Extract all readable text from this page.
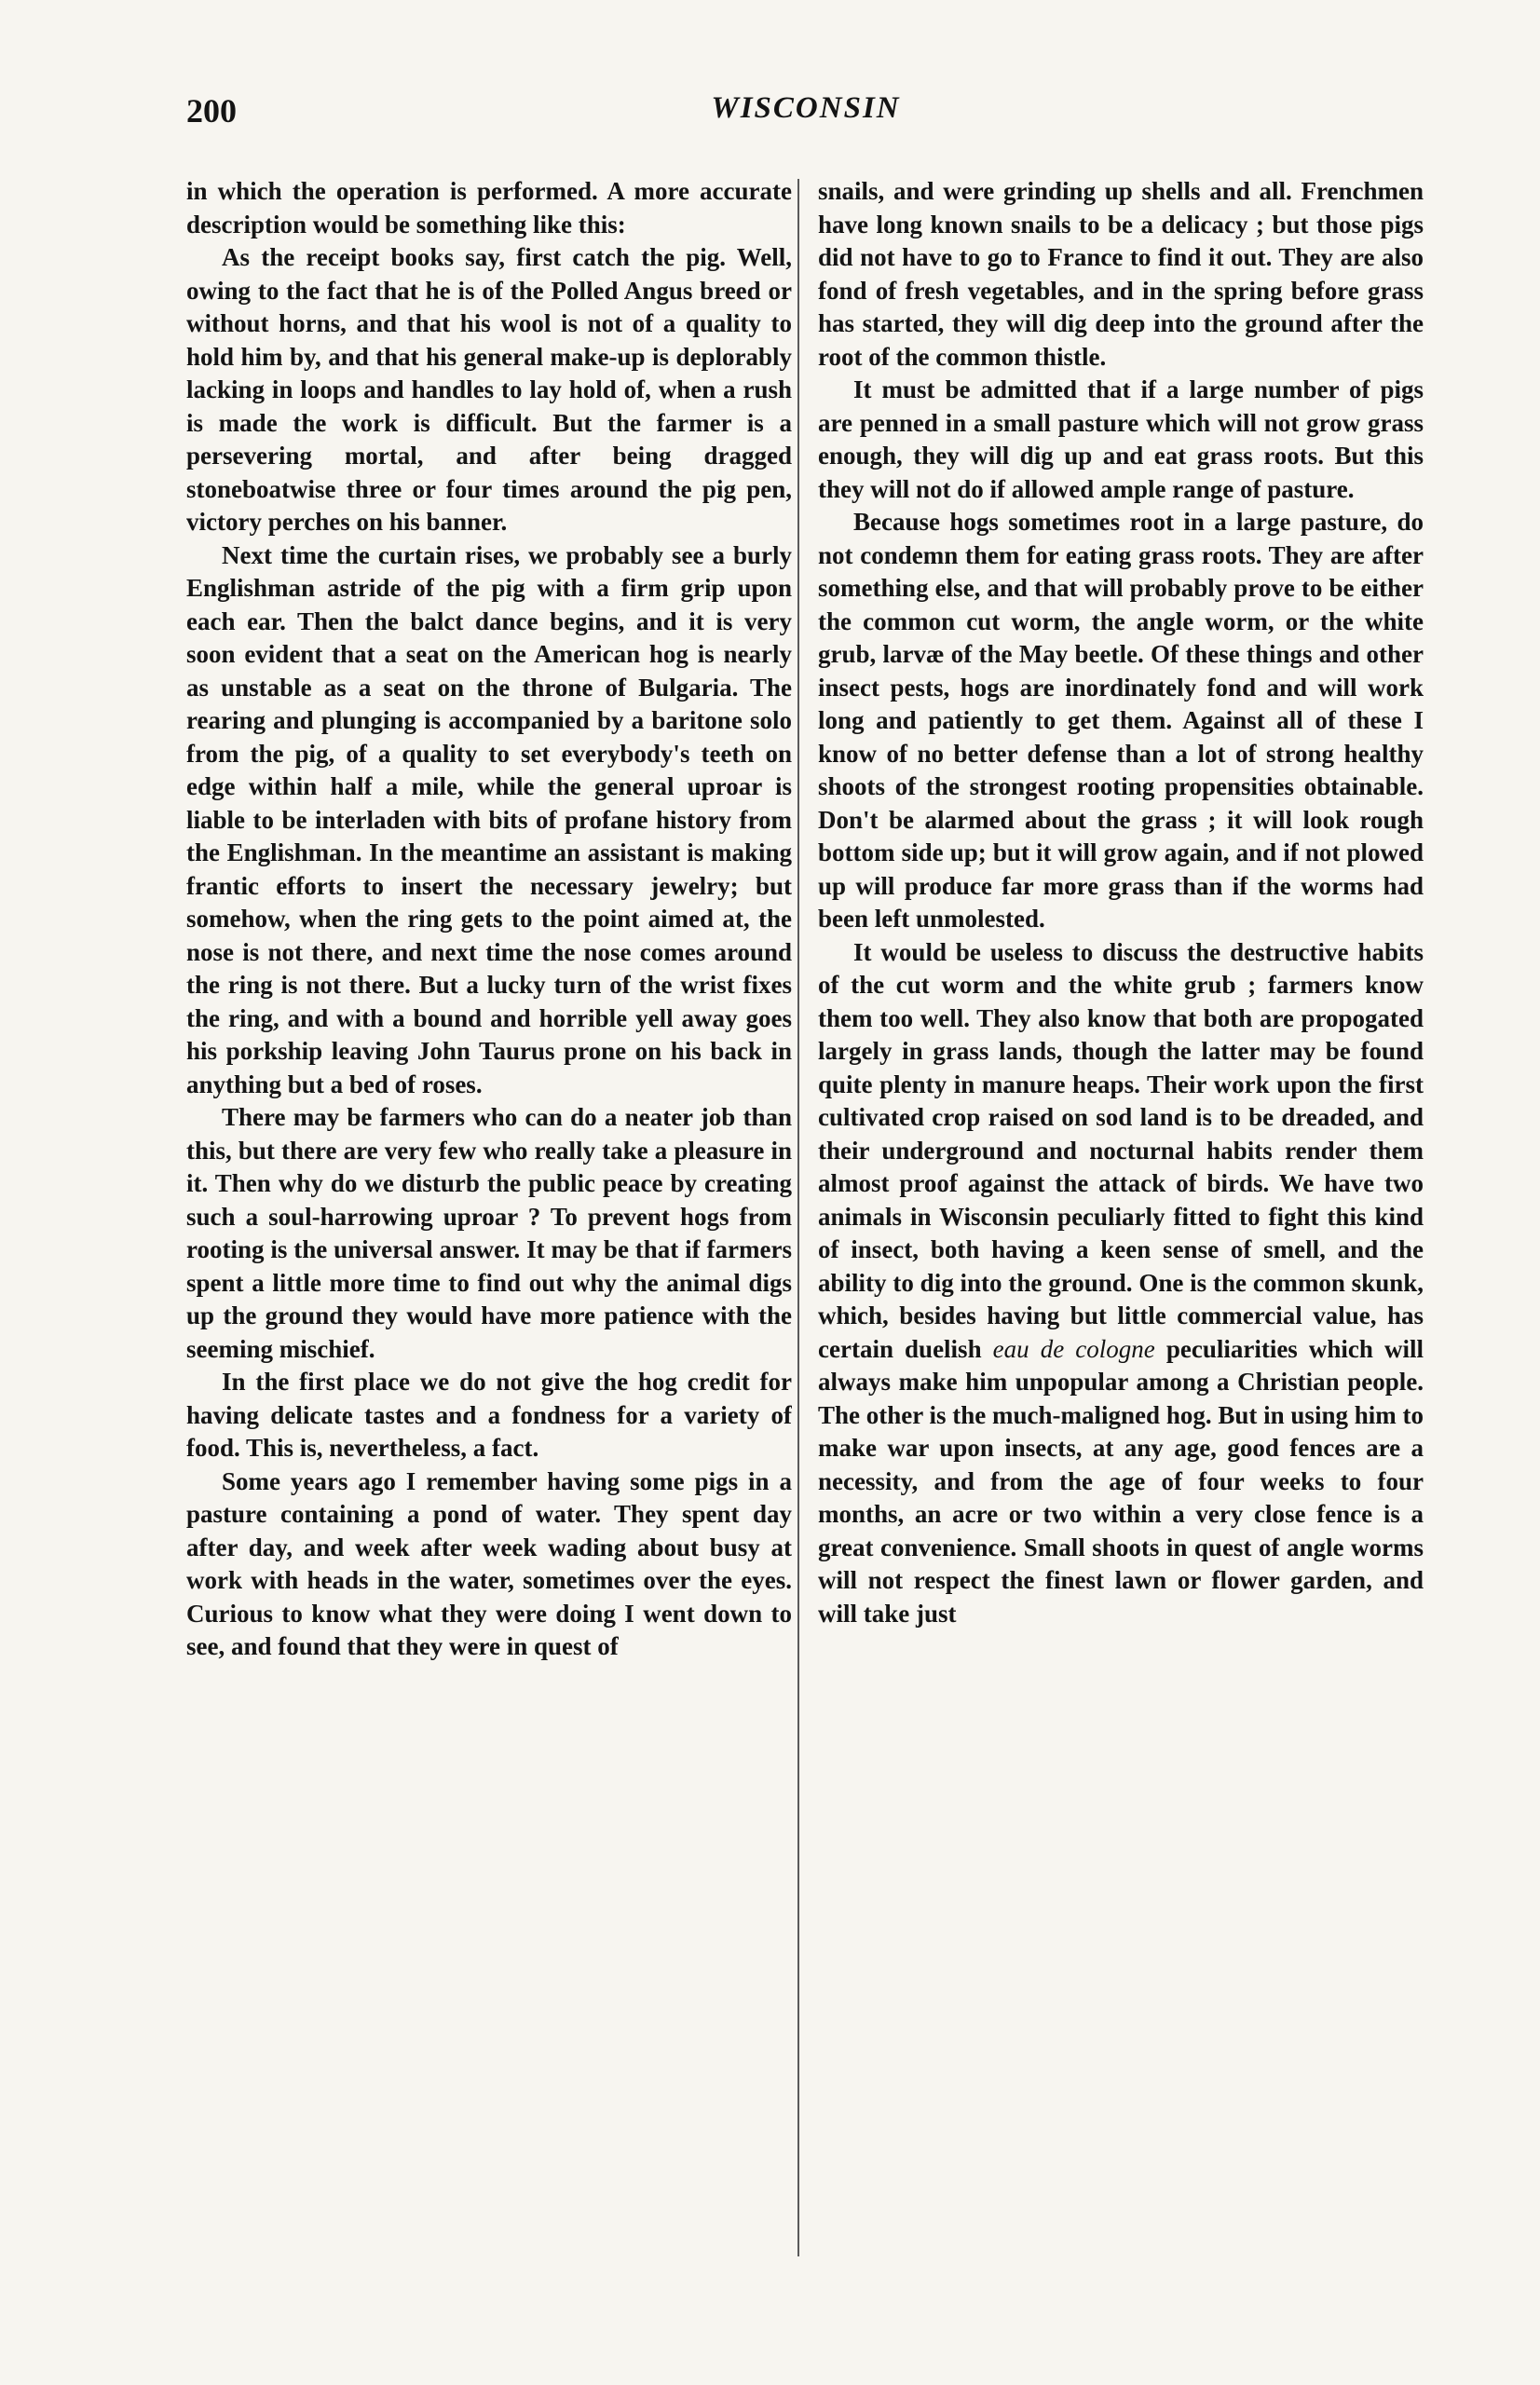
200	WISCONSIN

in which the operation is performed. A more accurate description would be something like this:

As the receipt books say, first catch the pig. Well, owing to the fact that he is of the Polled Angus breed or without horns, and that his wool is not of a quality to hold him by, and that his general make-up is deplorably lacking in loops and handles to lay hold of, when a rush is made the work is difficult. But the farmer is a persevering mortal, and after being dragged stoneboatwise three or four times around the pig pen, victory perches on his banner.

Next time the curtain rises, we probably see a burly Englishman astride of the pig with a firm grip upon each ear. Then the balct dance begins, and it is very soon evident that a seat on the American hog is nearly as unstable as a seat on the throne of Bulgaria. The rearing and plunging is accompanied by a baritone solo from the pig, of a quality to set everybody's teeth on edge within half a mile, while the general uproar is liable to be interladen with bits of profane history from the Englishman. In the meantime an assistant is making frantic efforts to insert the necessary jewelry; but somehow, when the ring gets to the point aimed at, the nose is not there, and next time the nose comes around the ring is not there. But a lucky turn of the wrist fixes the ring, and with a bound and horrible yell away goes his porkship leaving John Taurus prone on his back in anything but a bed of roses.

There may be farmers who can do a neater job than this, but there are very few who really take a pleasure in it. Then why do we disturb the public peace by creating such a soul-harrowing uproar ? To prevent hogs from rooting is the universal answer. It may be that if farmers spent a little more time to find out why the animal digs up the ground they would have more patience with the seeming mischief.

In the first place we do not give the hog credit for having delicate tastes and a fondness for a variety of food. This is, nevertheless, a fact.

Some years ago I remember having some pigs in a pasture containing a pond of water. They spent day after day, and week after week wading about busy at work with heads in the water, sometimes over the eyes. Curious to know what they were doing I went down to see, and found that they were in quest of

snails, and were grinding up shells and all. Frenchmen have long known snails to be a delicacy ; but those pigs did not have to go to France to find it out. They are also fond of fresh vegetables, and in the spring before grass has started, they will dig deep into the ground after the root of the common thistle.

It must be admitted that if a large number of pigs are penned in a small pasture which will not grow grass enough, they will dig up and eat grass roots. But this they will not do if allowed ample range of pasture.

Because hogs sometimes root in a large pasture, do not condemn them for eating grass roots. They are after something else, and that will probably prove to be either the common cut worm, the angle worm, or the white grub, larvæ of the May beetle. Of these things and other insect pests, hogs are inordinately fond and will work long and patiently to get them. Against all of these I know of no better defense than a lot of strong healthy shoots of the strongest rooting propensities obtainable. Don't be alarmed about the grass ; it will look rough bottom side up; but it will grow again, and if not plowed up will produce far more grass than if the worms had been left unmolested.

It would be useless to discuss the destructive habits of the cut worm and the white grub ; farmers know them too well. They also know that both are propogated largely in grass lands, though the latter may be found quite plenty in manure heaps. Their work upon the first cultivated crop raised on sod land is to be dreaded, and their underground and nocturnal habits render them almost proof against the attack of birds. We have two animals in Wisconsin peculiarly fitted to fight this kind of insect, both having a keen sense of smell, and the ability to dig into the ground. One is the common skunk, which, besides having but little commercial value, has certain duelish eau de cologne peculiarities which will always make him unpopular among a Christian people. The other is the much-maligned hog. But in using him to make war upon insects, at any age, good fences are a necessity, and from the age of four weeks to four months, an acre or two within a very close fence is a great convenience. Small shoots in quest of angle worms will not respect the finest lawn or flower garden, and will take just
